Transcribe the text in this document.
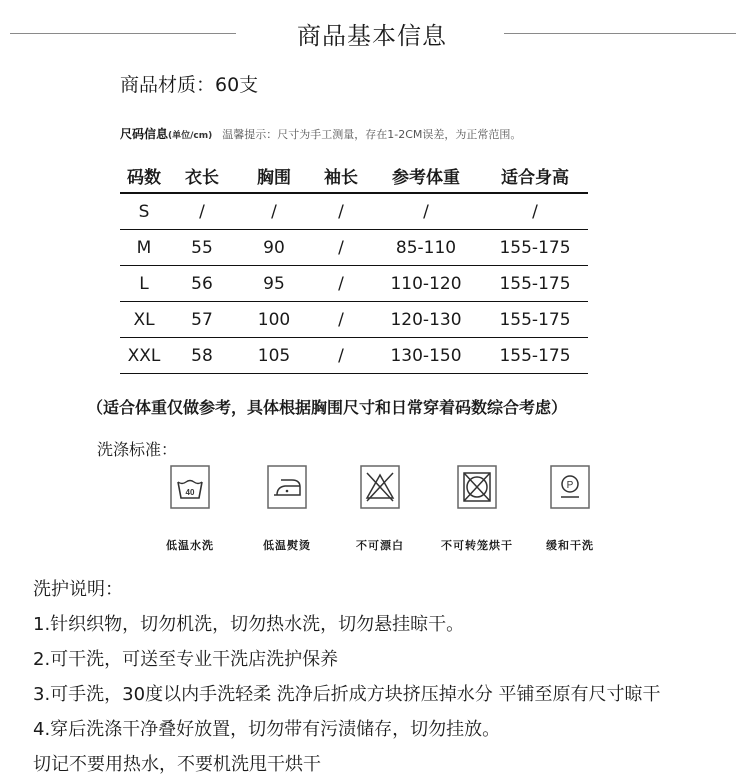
商品基本信息
商品材质：60支
尺码信息(单位/cm) 温馨提示：尺寸为手工测量，存在1-2CM误差，为正常范围。
码数	衣长	胸围	袖长	参考体重	适合身高
S	/	/	/	/	/
M	55	90	/	85-110	155-175
L	56	95	/	110-120	155-175
XL	57	100	/	120-130	155-175
XXL	58	105	/	130-150	155-175
（适合体重仅做参考，具体根据胸围尺寸和日常穿着码数综合考虑）
洗涤标准：
40
低温水洗	低温熨烫	不可漂白	不可转笼烘干
P
缓和干洗
洗护说明：
1.针织织物，切勿机洗，切勿热水洗，切勿悬挂晾干。
2.可干洗，可送至专业干洗店洗护保养
3.可手洗，30度以内手洗轻柔 洗净后折成方块挤压掉水分 平铺至原有尺寸晾干
4.穿后洗涤干净叠好放置，切勿带有污渍储存，切勿挂放。
切记不要用热水，不要机洗甩干烘干
